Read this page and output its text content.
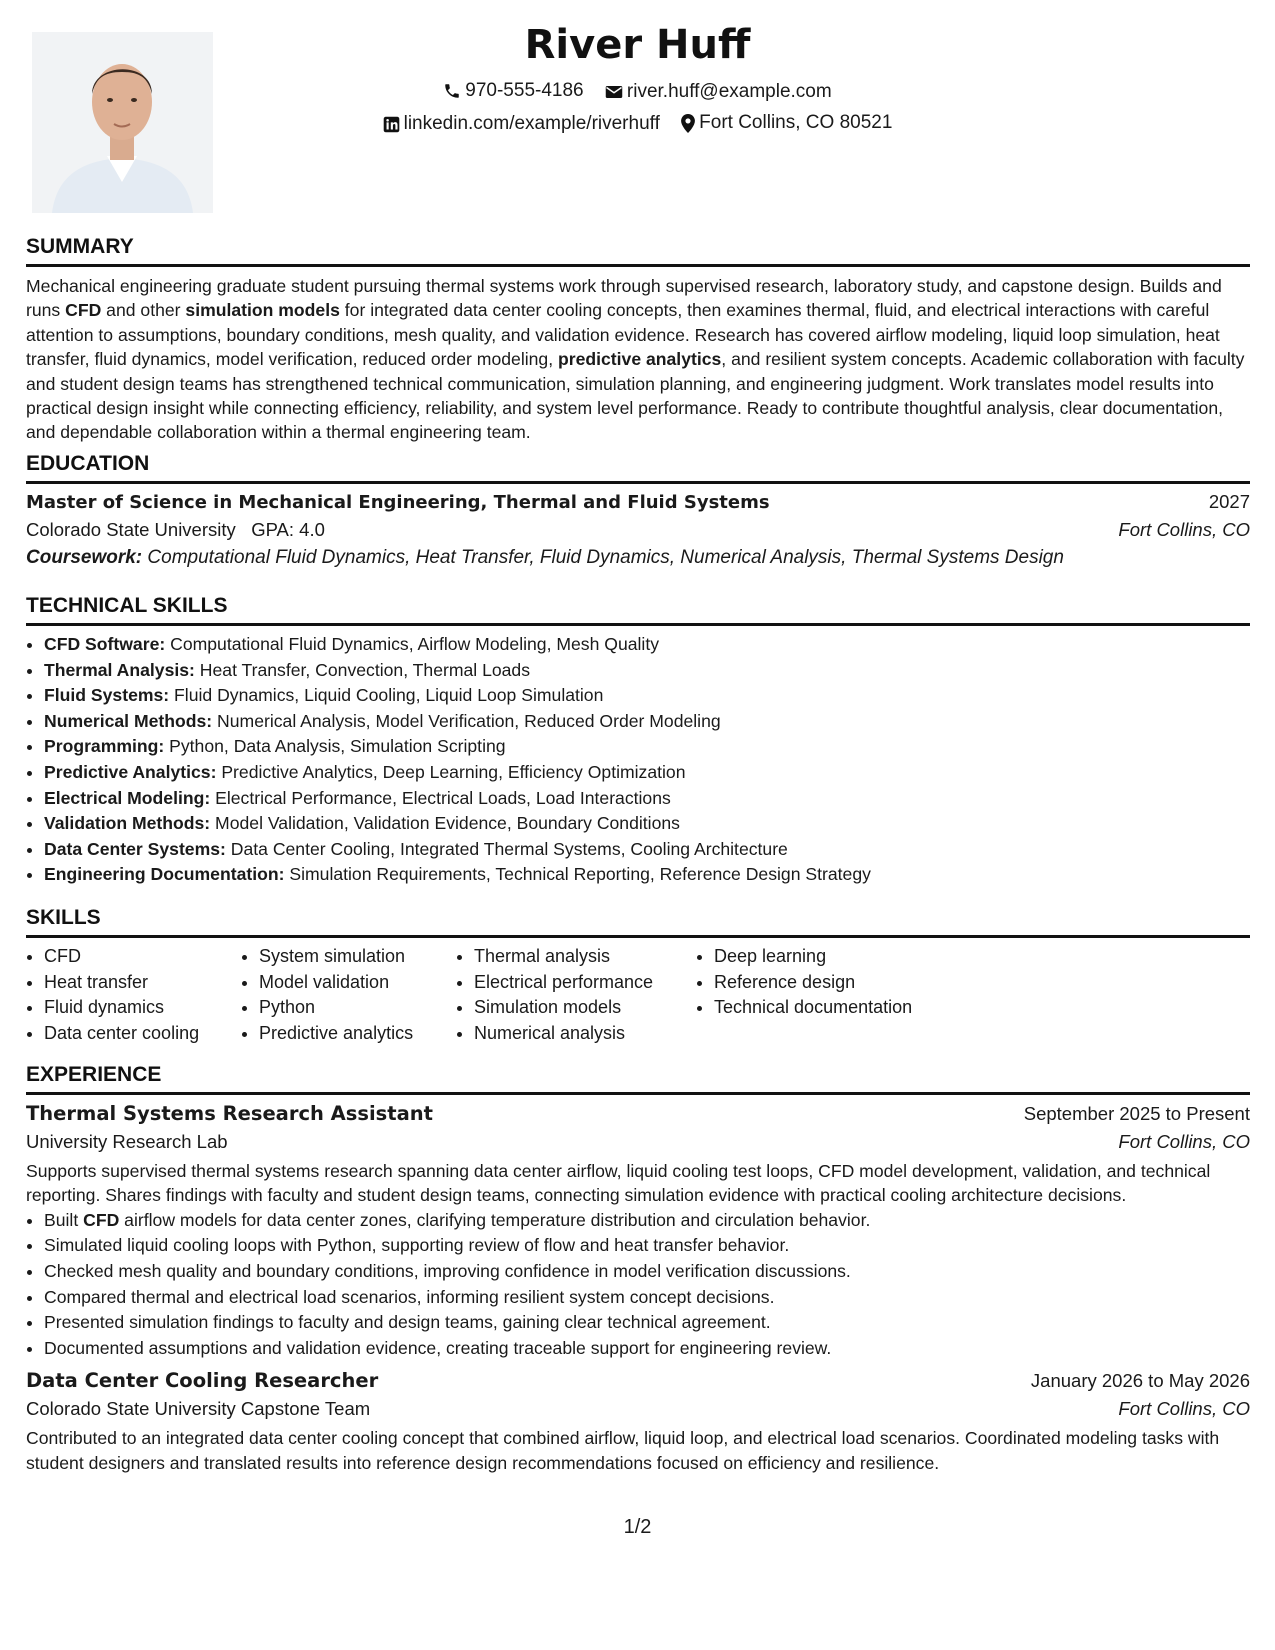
River Huff
970-555-4186
river.huff@example.com
linkedin.com/example/riverhuff
Fort Collins, CO 80521
SUMMARY
Mechanical engineering graduate student pursuing thermal systems work through supervised research, laboratory study, and capstone design. Builds and runs CFD and other simulation models for integrated data center cooling concepts, then examines thermal, fluid, and electrical interactions with careful attention to assumptions, boundary conditions, mesh quality, and validation evidence. Research has covered airflow modeling, liquid loop simulation, heat transfer, fluid dynamics, model verification, reduced order modeling, predictive analytics, and resilient system concepts. Academic collaboration with faculty and student design teams has strengthened technical communication, simulation planning, and engineering judgment. Work translates model results into practical design insight while connecting efficiency, reliability, and system level performance. Ready to contribute thoughtful analysis, clear documentation, and dependable collaboration within a thermal engineering team.
EDUCATION
Master of Science in Mechanical Engineering, Thermal and Fluid Systems	2027
Colorado State University GPA: 4.0	Fort Collins, CO
Coursework: Computational Fluid Dynamics, Heat Transfer, Fluid Dynamics, Numerical Analysis, Thermal Systems Design
TECHNICAL SKILLS
• CFD Software: Computational Fluid Dynamics, Airflow Modeling, Mesh Quality
• Thermal Analysis: Heat Transfer, Convection, Thermal Loads
• Fluid Systems: Fluid Dynamics, Liquid Cooling, Liquid Loop Simulation
• Numerical Methods: Numerical Analysis, Model Verification, Reduced Order Modeling
• Programming: Python, Data Analysis, Simulation Scripting
• Predictive Analytics: Predictive Analytics, Deep Learning, Efficiency Optimization
• Electrical Modeling: Electrical Performance, Electrical Loads, Load Interactions
• Validation Methods: Model Validation, Validation Evidence, Boundary Conditions
• Data Center Systems: Data Center Cooling, Integrated Thermal Systems, Cooling Architecture
• Engineering Documentation: Simulation Requirements, Technical Reporting, Reference Design Strategy
SKILLS
• CFD
• Heat transfer
• Fluid dynamics
• Data center cooling
• System simulation
• Model validation
• Python
• Predictive analytics
• Thermal analysis
• Electrical performance
• Simulation models
• Numerical analysis
• Deep learning
• Reference design
• Technical documentation
EXPERIENCE
Thermal Systems Research Assistant	September 2025 to Present
University Research Lab	Fort Collins, CO
Supports supervised thermal systems research spanning data center airflow, liquid cooling test loops, CFD model development, validation, and technical reporting. Shares findings with faculty and student design teams, connecting simulation evidence with practical cooling architecture decisions.
• Built CFD airflow models for data center zones, clarifying temperature distribution and circulation behavior.
• Simulated liquid cooling loops with Python, supporting review of flow and heat transfer behavior.
• Checked mesh quality and boundary conditions, improving confidence in model verification discussions.
• Compared thermal and electrical load scenarios, informing resilient system concept decisions.
• Presented simulation findings to faculty and design teams, gaining clear technical agreement.
• Documented assumptions and validation evidence, creating traceable support for engineering review.
Data Center Cooling Researcher	January 2026 to May 2026
Colorado State University Capstone Team	Fort Collins, CO
Contributed to an integrated data center cooling concept that combined airflow, liquid loop, and electrical load scenarios. Coordinated modeling tasks with student designers and translated results into reference design recommendations focused on efficiency and resilience.
1/2
